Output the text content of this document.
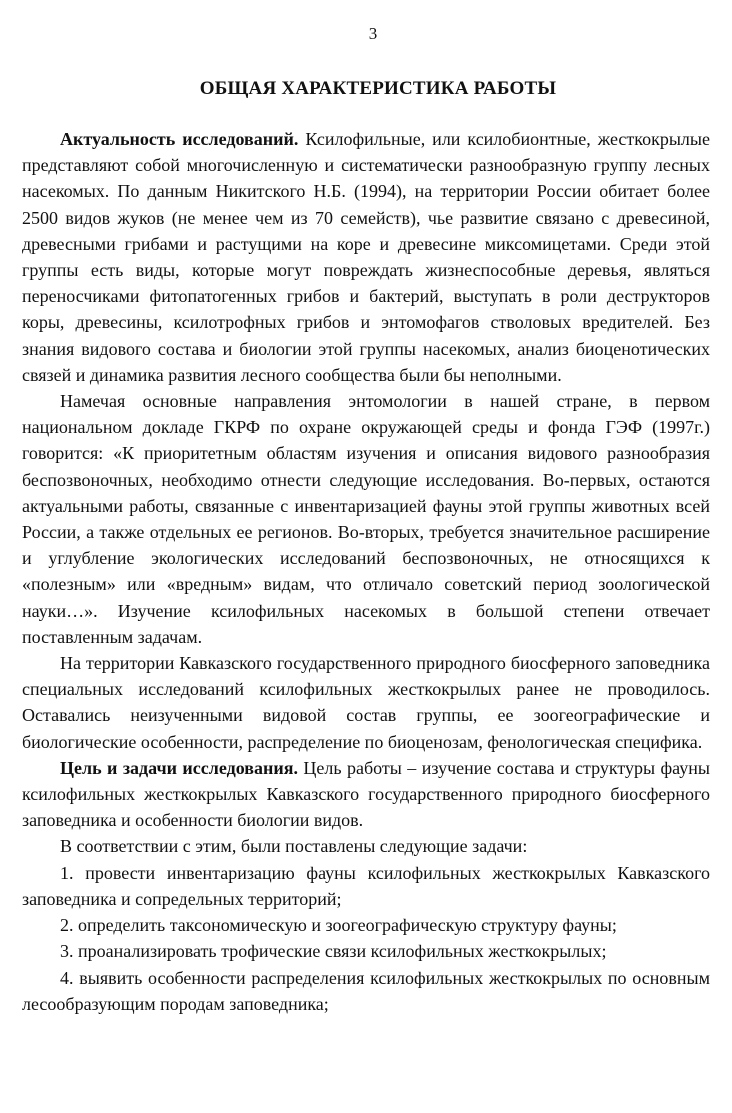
3
ОБЩАЯ ХАРАКТЕРИСТИКА РАБОТЫ

Актуальность исследований. Ксилофильные, или ксилобионтные, жесткокрылые представляют собой многочисленную и систематически разнообразную группу лесных насекомых. По данным Никитского Н.Б. (1994), на территории России обитает более 2500 видов жуков (не менее чем из 70 семейств), чье развитие связано с древесиной, древесными грибами и растущими на коре и древесине миксомицетами. Среди этой группы есть виды, которые могут повреждать жизнеспособные деревья, являться переносчиками фитопатогенных грибов и бактерий, выступать в роли деструкторов коры, древесины, ксилотрофных грибов и энтомофагов стволовых вредителей. Без знания видового состава и биологии этой группы насекомых, анализ биоценотических связей и динамика развития лесного сообщества были бы неполными.

Намечая основные направления энтомологии в нашей стране, в первом национальном докладе ГКРФ по охране окружающей среды и фонда ГЭФ (1997г.) говорится: «К приоритетным областям изучения и описания видового разнообразия беспозвоночных, необходимо отнести следующие исследования. Во-первых, остаются актуальными работы, связанные с инвентаризацией фауны этой группы животных всей России, а также отдельных ее регионов. Во-вторых, требуется значительное расширение и углубление экологических исследований беспозвоночных, не относящихся к «полезным» или «вредным» видам, что отличало советский период зоологической науки…». Изучение ксилофильных насекомых в большой степени отвечает поставленным задачам.

На территории Кавказского государственного природного биосферного заповедника специальных исследований ксилофильных жесткокрылых ранее не проводилось. Оставались неизученными видовой состав группы, ее зоогеографические и биологические особенности, распределение по биоценозам, фенологическая специфика.

Цель и задачи исследования. Цель работы – изучение состава и структуры фауны ксилофильных жесткокрылых Кавказского государственного природного биосферного заповедника и особенности биологии видов.

В соответствии с этим, были поставлены следующие задачи:

1. провести инвентаризацию фауны ксилофильных жесткокрылых Кавказского заповедника и сопредельных территорий;

2. определить таксономическую и зоогеографическую структуру фауны;

3. проанализировать трофические связи ксилофильных жесткокрылых;

4. выявить особенности распределения ксилофильных жесткокрылых по основным лесообразующим породам заповедника;
